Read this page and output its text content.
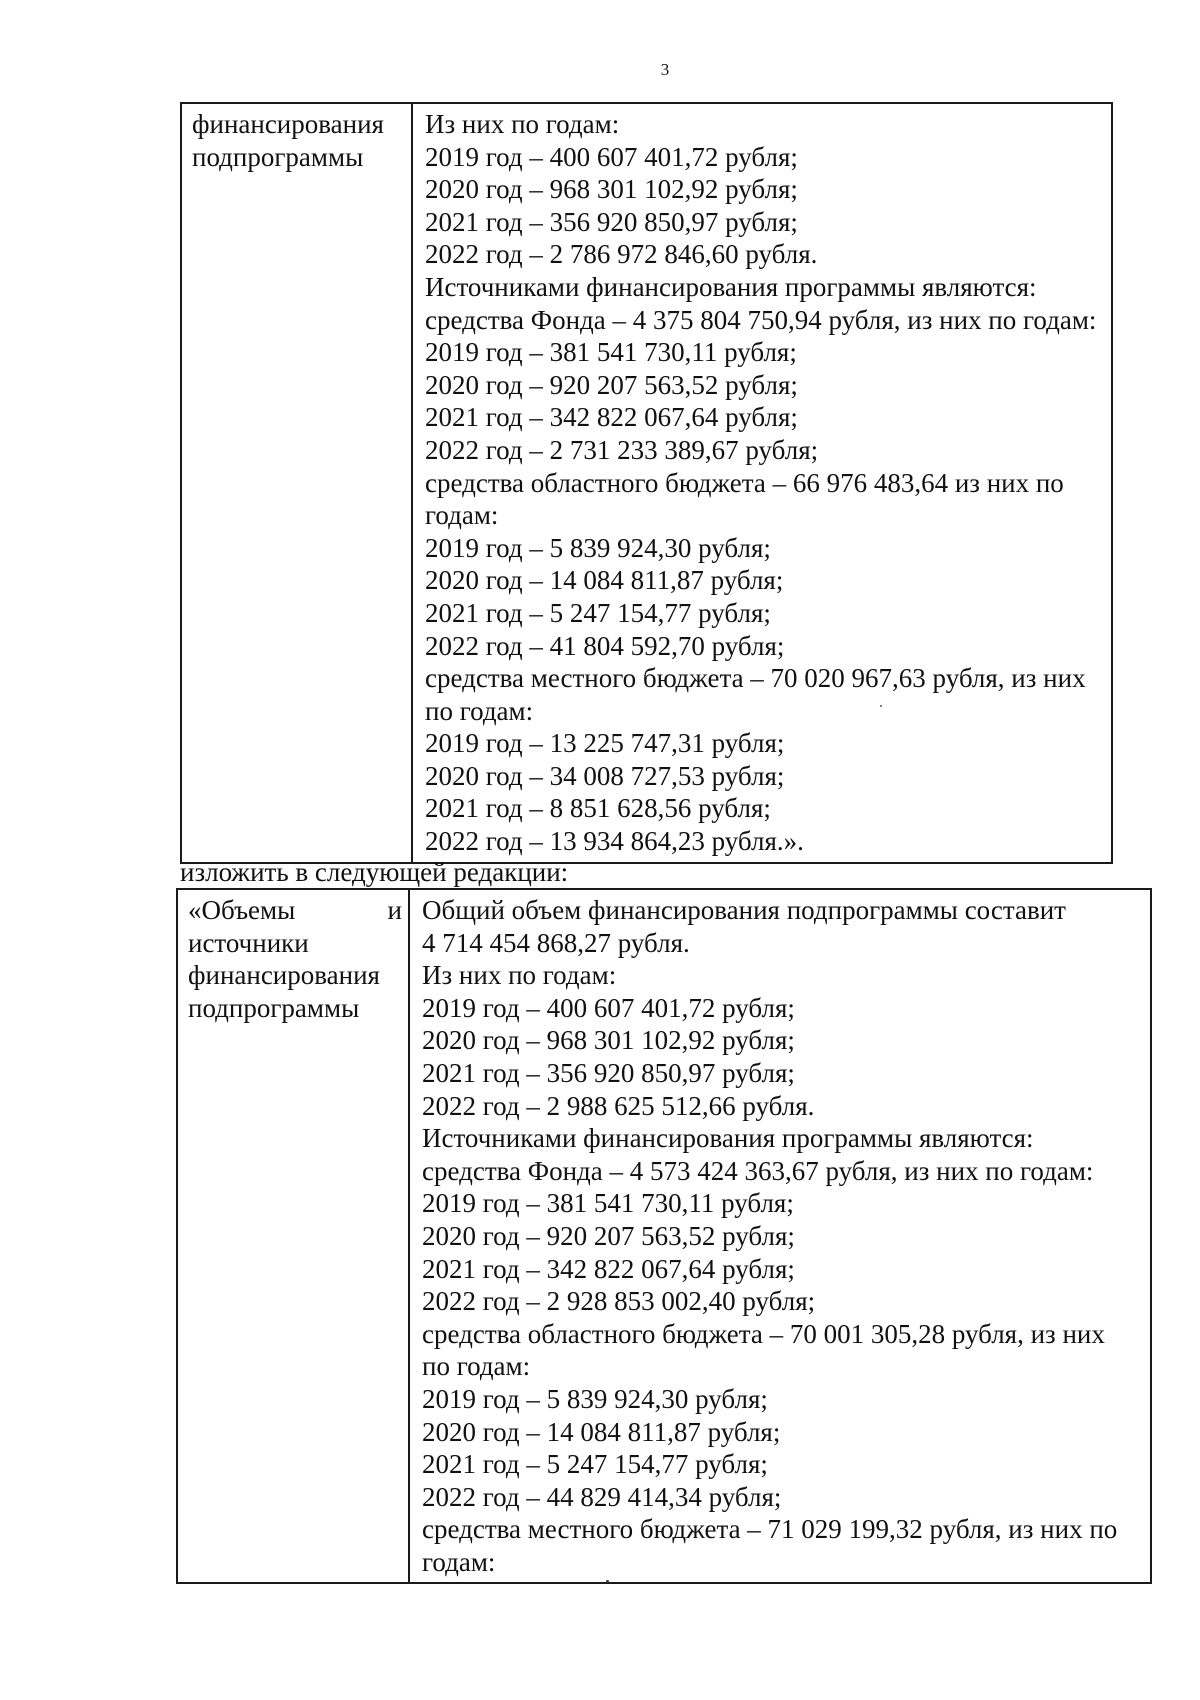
3
финансирования
подпрограммы

Из них по годам:
2019 год – 400 607 401,72 рубля;
2020 год – 968 301 102,92 рубля;
2021 год – 356 920 850,97 рубля;
2022 год – 2 786 972 846,60 рубля.
Источниками финансирования программы являются:
средства Фонда – 4 375 804 750,94 рубля, из них по годам:
2019 год – 381 541 730,11 рубля;
2020 год – 920 207 563,52 рубля;
2021 год – 342 822 067,64 рубля;
2022 год – 2 731 233 389,67 рубля;
средства областного бюджета – 66 976 483,64 из них по
годам:
2019 год – 5 839 924,30 рубля;
2020 год – 14 084 811,87 рубля;
2021 год – 5 247 154,77 рубля;
2022 год – 41 804 592,70 рубля;
средства местного бюджета – 70 020 967,63 рубля, из них
по годам:
2019 год – 13 225 747,31 рубля;
2020 год – 34 008 727,53 рубля;
2021 год – 8 851 628,56 рубля;
2022 год – 13 934 864,23 рубля.».
изложить в следующей редакции:
«Объемы	и
источники
финансирования
подпрограммы

Общий объем финансирования подпрограммы составит
4 714 454 868,27 рубля.
Из них по годам:
2019 год – 400 607 401,72 рубля;
2020 год – 968 301 102,92 рубля;
2021 год – 356 920 850,97 рубля;
2022 год – 2 988 625 512,66 рубля.
Источниками финансирования программы являются:
средства Фонда – 4 573 424 363,67 рубля, из них по годам:
2019 год – 381 541 730,11 рубля;
2020 год – 920 207 563,52 рубля;
2021 год – 342 822 067,64 рубля;
2022 год – 2 928 853 002,40 рубля;
средства областного бюджета – 70 001 305,28 рубля, из них
по годам:
2019 год – 5 839 924,30 рубля;
2020 год – 14 084 811,87 рубля;
2021 год – 5 247 154,77 рубля;
2022 год – 44 829 414,34 рубля;
средства местного бюджета – 71 029 199,32 рубля, из них по
годам:
